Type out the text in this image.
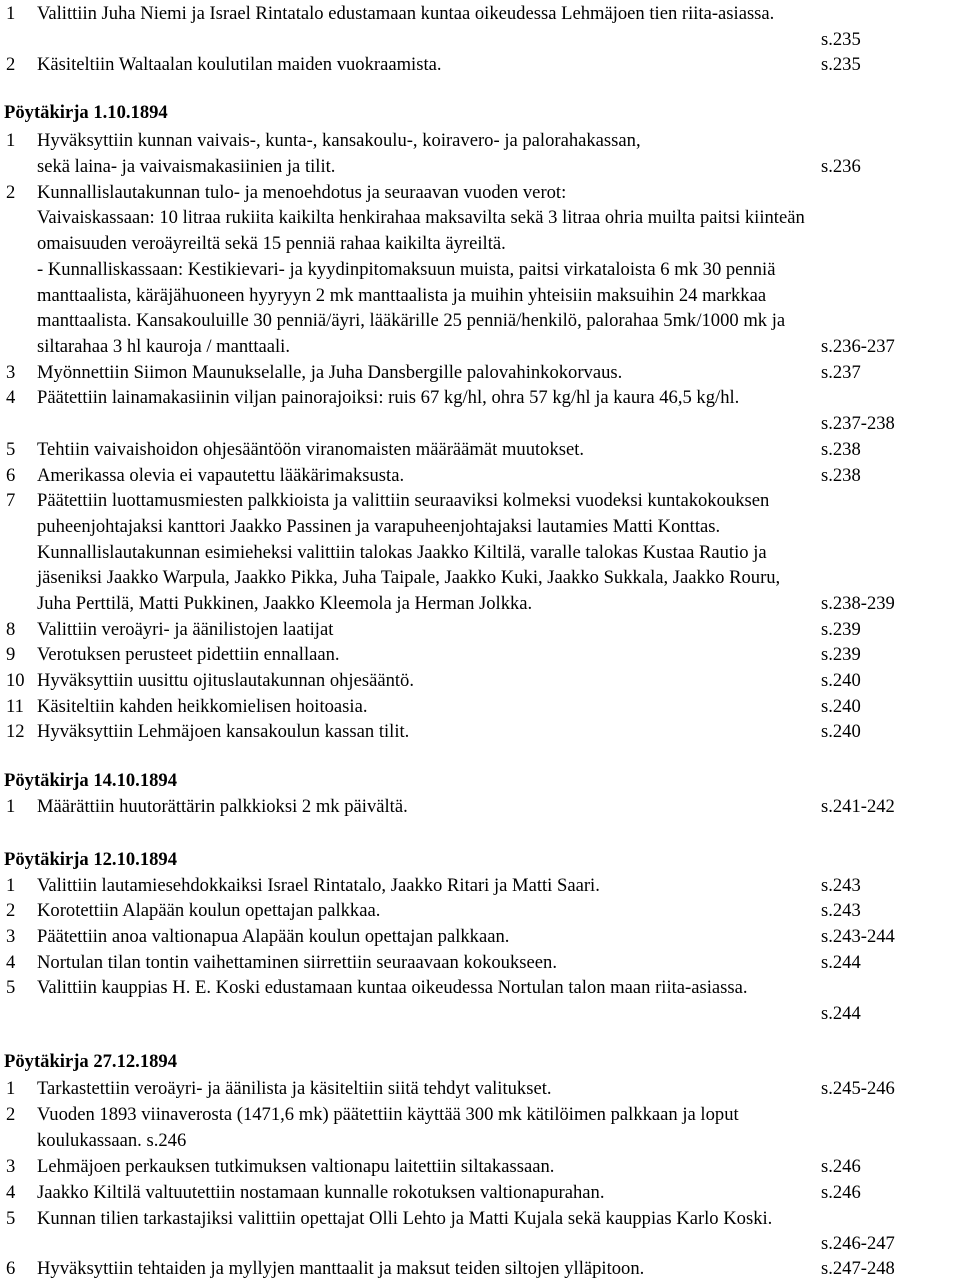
1 Valittiin Juha Niemi ja Israel Rintatalo edustamaan kuntaa oikeudessa Lehmäjoen tien riita-asiassa.
s.235
2 Käsiteltiin Waltaalan koulutilan maiden vuokraamista.	s.235
Pöytäkirja 1.10.1894
1 Hyväksyttiin kunnan vaivais-, kunta-, kansakoulu-, koiravero- ja palorahakassan,
sekä laina- ja vaivaismakasiinien ja tilit.	s.236
2 Kunnallislautakunnan tulo- ja menoehdotus ja seuraavan vuoden verot:
Vaivaiskassaan: 10 litraa rukiita kaikilta henkirahaa maksavilta sekä 3 litraa ohria muilta paitsi kiinteän
omaisuuden veroäyreiltä sekä 15 penniä rahaa kaikilta äyreiltä.
- Kunnalliskassaan: Kestikievari- ja kyydinpitomaksuun muista, paitsi virkataloista 6 mk 30 penniä
manttaalista, käräjähuoneen hyyryyn 2 mk manttaalista ja muihin yhteisiin maksuihin 24 markkaa
manttaalista. Kansakouluille 30 penniä/äyri, lääkärille 25 penniä/henkilö, palorahaa 5mk/1000 mk ja
siltarahaa 3 hl kauroja / manttaali.	s.236-237
3 Myönnettiin Siimon Maunukselalle, ja Juha Dansbergille palovahinkokorvaus.	s.237
4 Päätettiin lainamakasiinin viljan painorajoiksi: ruis 67 kg/hl, ohra 57 kg/hl ja kaura 46,5 kg/hl.
s.237-238
5 Tehtiin vaivaishoidon ohjesääntöön viranomaisten määräämät muutokset.	s.238
6 Amerikassa olevia ei vapautettu lääkärimaksusta.	s.238
7 Päätettiin luottamusmiesten palkkioista ja valittiin seuraaviksi kolmeksi vuodeksi kuntakokouksen
puheenjohtajaksi kanttori Jaakko Passinen ja varapuheenjohtajaksi lautamies Matti Konttas.
Kunnallislautakunnan esimieheksi valittiin talokas Jaakko Kiltilä, varalle talokas Kustaa Rautio ja
jäseniksi Jaakko Warpula, Jaakko Pikka, Juha Taipale, Jaakko Kuki, Jaakko Sukkala, Jaakko Rouru,
Juha Perttilä, Matti Pukkinen, Jaakko Kleemola ja Herman Jolkka.	s.238-239
8 Valittiin veroäyri- ja äänilistojen laatijat	s.239
9 Verotuksen perusteet pidettiin ennallaan.	s.239
10 Hyväksyttiin uusittu ojituslautakunnan ohjesääntö.	s.240
11 Käsiteltiin kahden heikkomielisen hoitoasia.	s.240
12 Hyväksyttiin Lehmäjoen kansakoulun kassan tilit.	s.240
Pöytäkirja 14.10.1894
1 Määrättiin huutorättärin palkkioksi 2 mk päivältä.	s.241-242
Pöytäkirja 12.10.1894
1 Valittiin lautamiesehdokkaiksi Israel Rintatalo, Jaakko Ritari ja Matti Saari.	s.243
2 Korotettiin Alapään koulun opettajan palkkaa.	s.243
3 Päätettiin anoa valtionapua Alapään koulun opettajan palkkaan.	s.243-244
4 Nortulan tilan tontin vaihettaminen siirrettiin seuraavaan kokoukseen.	s.244
5 Valittiin kauppias H. E. Koski edustamaan kuntaa oikeudessa Nortulan talon maan riita-asiassa.
s.244
Pöytäkirja 27.12.1894
1 Tarkastettiin veroäyri- ja äänilista ja käsiteltiin siitä tehdyt valitukset.	s.245-246
2 Vuoden 1893 viinaverosta (1471,6 mk) päätettiin käyttää 300 mk kätilöimen palkkaan ja loput
koulukassaan. s.246
3 Lehmäjoen perkauksen tutkimuksen valtionapu laitettiin siltakassaan.	s.246
4 Jaakko Kiltilä valtuutettiin nostamaan kunnalle rokotuksen valtionapurahan.	s.246
5 Kunnan tilien tarkastajiksi valittiin opettajat Olli Lehto ja Matti Kujala sekä kauppias Karlo Koski.
s.246-247
6 Hyväksyttiin tehtaiden ja myllyjen manttaalit ja maksut teiden siltojen ylläpitoon.	s.247-248
